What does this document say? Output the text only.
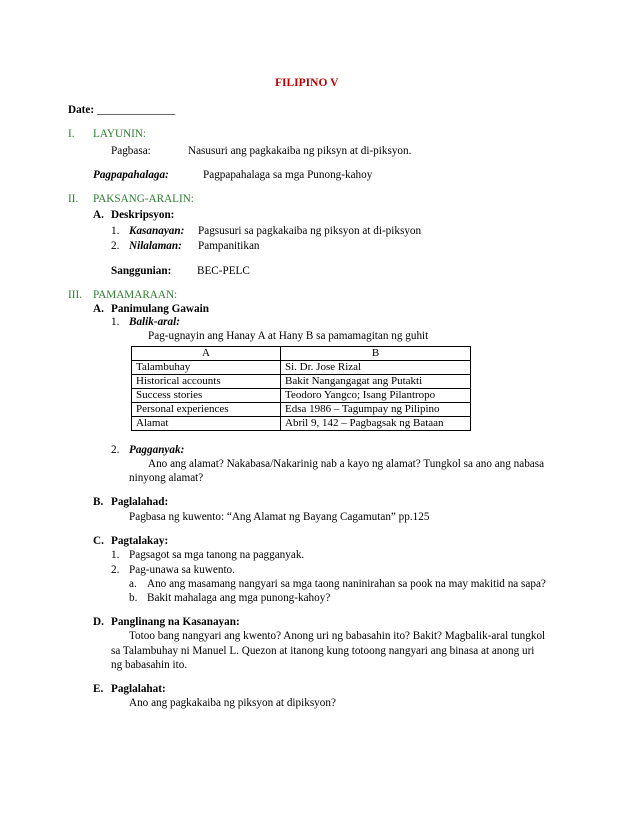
FILIPINO V
Date: ______________
I. LAYUNIN:
Pagbasa:	Nasusuri ang pagkakaiba ng piksyn at di-piksyon.
Pagpapahalaga:	Pagpapahalaga sa mga Punong-kahoy
II. PAKSANG-ARALIN:
A. Deskripsyon:
1. Kasanayan: Pagsusuri sa pagkakaiba ng piksyon at di-piksyon
2. Nilalaman: Pampanitikan
Sanggunian: BEC-PELC
III. PAMAMARAAN:
A. Panimulang Gawain
1. Balik-aral:
Pag-ugnayin ang Hanay A at Hany B sa pamamagitan ng guhit
A	B
Talambuhay	Si. Dr. Jose Rizal
Historical accounts	Bakit Nangangagat ang Putakti
Success stories	Teodoro Yangco; Isang Pilantropo
Personal experiences	Edsa 1986 – Tagumpay ng Pilipino
Alamat	Abril 9, 142 – Pagbagsak ng Bataan
2. Pagganyak:
Ano ang alamat? Nakabasa/Nakarinig nab a kayo ng alamat? Tungkol sa ano ang nabasa
ninyong alamat?
B. Paglalahad:
Pagbasa ng kuwento: “Ang Alamat ng Bayang Cagamutan” pp.125
C. Pagtalakay:
1. Pagsagot sa mga tanong na pagganyak.
2. Pag-unawa sa kuwento.
a. Ano ang masamang nangyari sa mga taong naninirahan sa pook na may makitid na sapa?
b. Bakit mahalaga ang mga punong-kahoy?
D. Panglinang na Kasanayan:
Totoo bang nangyari ang kwento? Anong uri ng babasahin ito? Bakit? Magbalik-aral tungkol
sa Talambuhay ni Manuel L. Quezon at itanong kung totoong nangyari ang binasa at anong uri
ng babasahin ito.
E. Paglalahat:
Ano ang pagkakaiba ng piksyon at dipiksyon?
